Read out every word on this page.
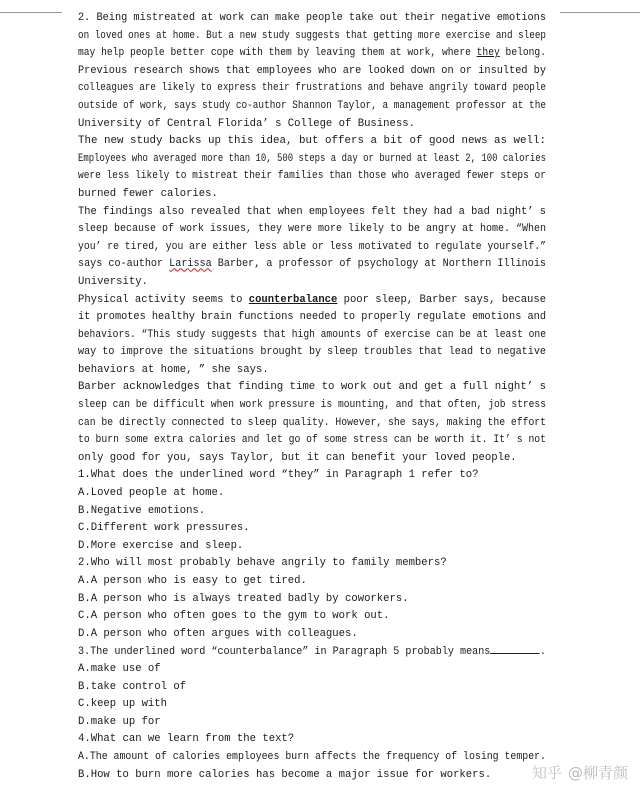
2. Being mistreated at work can make people take out their negative emotions
on loved ones at home. But a new study suggests that getting more exercise and sleep
may help people better cope with them by leaving them at work, where they belong.
Previous research shows that employees who are looked down on or insulted by
colleagues are likely to express their frustrations and behave angrily toward people
outside of work, says study co-author Shannon Taylor, a management professor at the
University of Central Florida’ s College of Business.
The new study backs up this idea, but offers a bit of good news as well:
Employees who averaged more than 10, 500 steps a day or burned at least 2, 100 calories
were less likely to mistreat their families than those who averaged fewer steps or
burned fewer calories.
The findings also revealed that when employees felt they had a bad night’ s
sleep because of work issues, they were more likely to be angry at home. “When
you’ re tired, you are either less able or less motivated to regulate yourself.”
says co-author Larissa Barber, a professor of psychology at Northern Illinois
University.
Physical activity seems to counterbalance poor sleep, Barber says, because
it promotes healthy brain functions needed to properly regulate emotions and
behaviors. “This study suggests that high amounts of exercise can be at least one
way to improve the situations brought by sleep troubles that lead to negative
behaviors at home, ” she says.
Barber acknowledges that finding time to work out and get a full night’ s
sleep can be difficult when work pressure is mounting, and that often, job stress
can be directly connected to sleep quality. However, she says, making the effort
to burn some extra calories and let go of some stress can be worth it. It’ s not
only good for you, says Taylor, but it can benefit your loved people.
1.What does the underlined word “they” in Paragraph 1 refer to?
A.Loved people at home.
B.Negative emotions.
C.Different work pressures.
D.More exercise and sleep.
2.Who will most probably behave angrily to family members?
A.A person who is easy to get tired.
B.A person who is always treated badly by coworkers.
C.A person who often goes to the gym to work out.
D.A person who often argues with colleagues.
3.The underlined word “counterbalance” in Paragraph 5 probably means	.
A.make use of
B.take control of
C.keep up with
D.make up for
4.What can we learn from the text?
A.The amount of calories employees burn affects the frequency of losing temper.
B.How to burn more calories has become a major issue for workers.	知乎 @柳青颜
